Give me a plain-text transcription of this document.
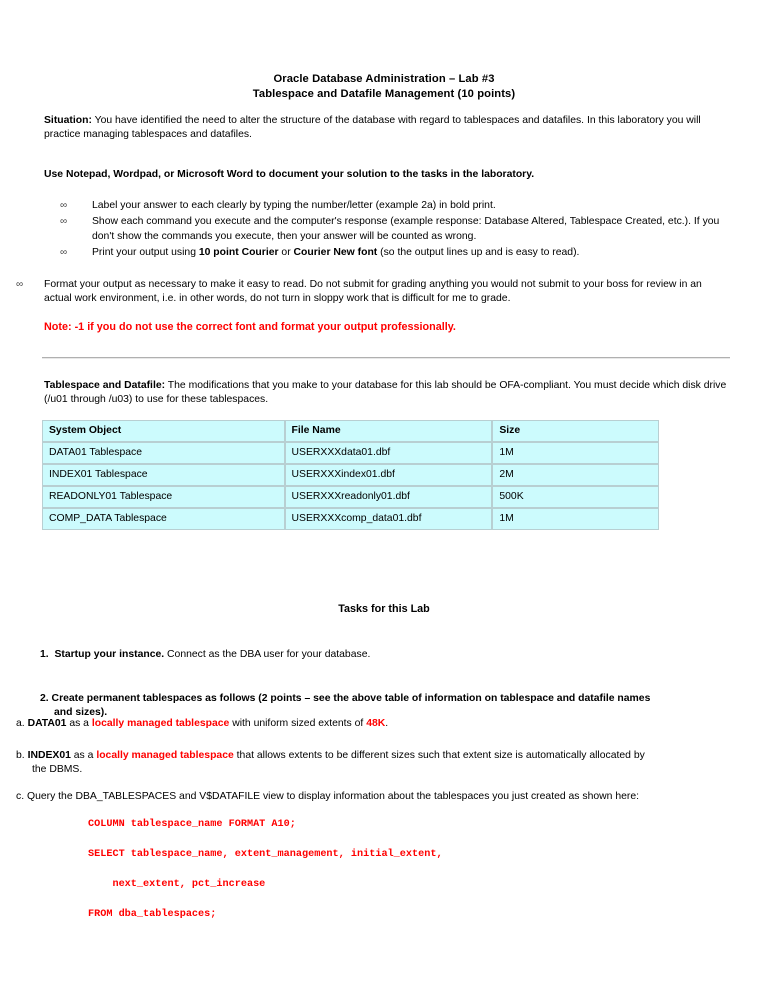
Oracle Database Administration – Lab #3
Tablespace and Datafile Management (10 points)
Situation: You have identified the need to alter the structure of the database with regard to tablespaces and datafiles. In this laboratory you will practice managing tablespaces and datafiles.
Use Notepad, Wordpad, or Microsoft Word to document your solution to the tasks in the laboratory.
∞ Label your answer to each clearly by typing the number/letter (example 2a) in bold print.
∞ Show each command you execute and the computer's response (example response: Database Altered, Tablespace Created, etc.). If you don't show the commands you execute, then your answer will be counted as wrong.
∞ Print your output using 10 point Courier or Courier New font (so the output lines up and is easy to read).
∞ Format your output as necessary to make it easy to read. Do not submit for grading anything you would not submit to your boss for review in an actual work environment, i.e. in other words, do not turn in sloppy work that is difficult for me to grade.
Note: -1 if you do not use the correct font and format your output professionally.
Tablespace and Datafile: The modifications that you make to your database for this lab should be OFA-compliant. You must decide which disk drive (/u01 through /u03) to use for these tablespaces.
System Object	File Name	Size
DATA01 Tablespace	USERXXXdata01.dbf	1M
INDEX01 Tablespace	USERXXXindex01.dbf	2M
READONLY01 Tablespace	USERXXXreadonly01.dbf	500K
COMP_DATA Tablespace	USERXXXcomp_data01.dbf	1M
Tasks for this Lab
1. Startup your instance. Connect as the DBA user for your database.
2. Create permanent tablespaces as follows (2 points – see the above table of information on tablespace and datafile names
and sizes).
a. DATA01 as a locally managed tablespace with uniform sized extents of 48K.
b. INDEX01 as a locally managed tablespace that allows extents to be different sizes such that extent size is automatically allocated by
the DBMS.
c. Query the DBA_TABLESPACES and V$DATAFILE view to display information about the tablespaces you just created as shown here:
COLUMN tablespace_name FORMAT A10;
SELECT tablespace_name, extent_management, initial_extent,
next_extent, pct_increase
FROM dba_tablespaces;
